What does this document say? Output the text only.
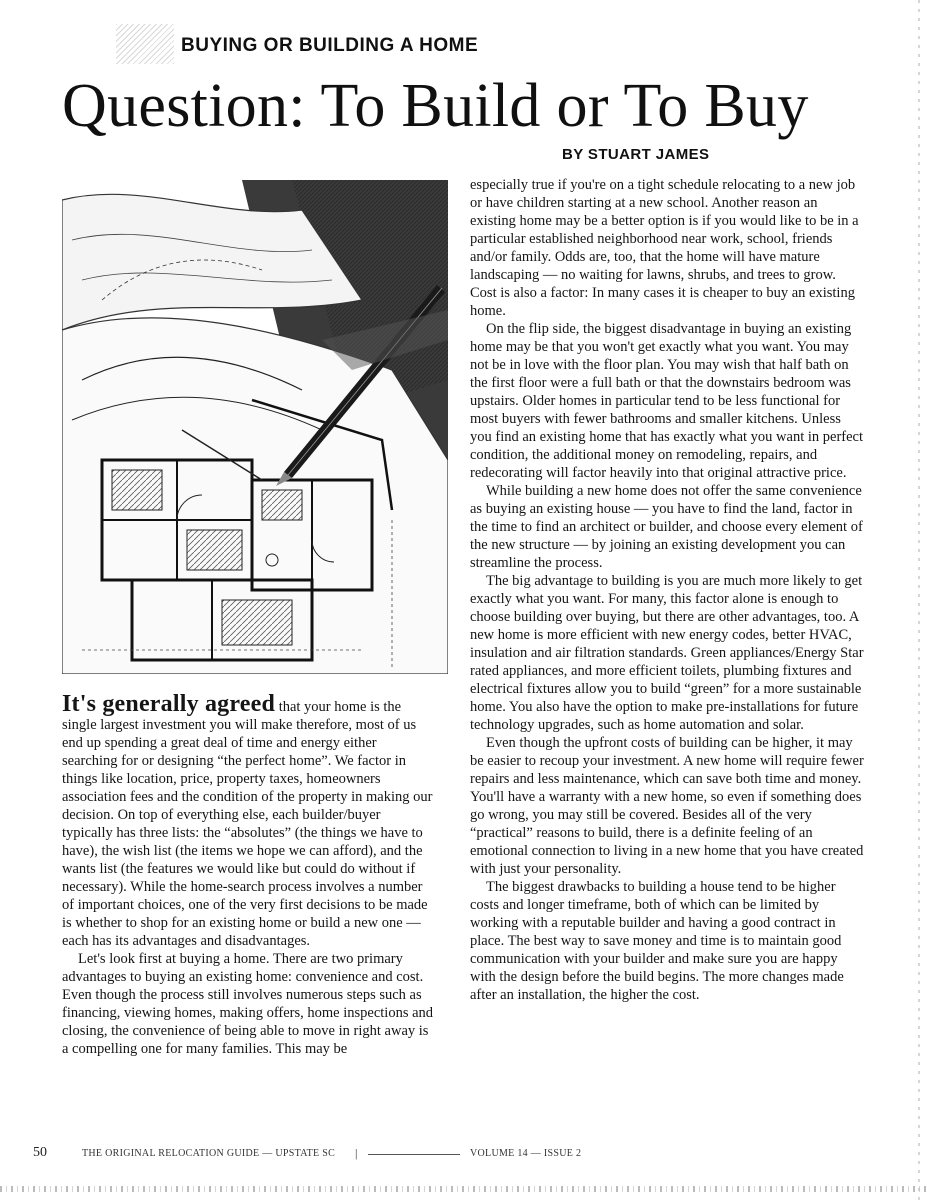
BUYING OR BUILDING A HOME
Question: To Build or To Buy
BY STUART JAMES

It's generally agreed that your home is the single largest investment you will make therefore, most of us end up spending a great deal of time and energy either searching for or designing “the perfect home”. We factor in things like location, price, property taxes, homeowners association fees and the condition of the property in making our decision. On top of everything else, each builder/buyer typically has three lists: the “absolutes” (the things we have to have), the wish list (the items we hope we can afford), and the wants list (the features we would like but could do without if necessary). While the home-search process involves a number of important choices, one of the very first decisions to be made is whether to shop for an existing home or build a new one — each has its advantages and disadvantages.

Let's look first at buying a home. There are two primary advantages to buying an existing home: convenience and cost. Even though the process still involves numerous steps such as financing, viewing homes, making offers, home inspections and closing, the convenience of being able to move in right away is a compelling one for many families. This may be

especially true if you're on a tight schedule relocating to a new job or have children starting at a new school. Another reason an existing home may be a better option is if you would like to be in a particular established neighborhood near work, school, friends and/or family. Odds are, too, that the home will have mature landscaping — no waiting for lawns, shrubs, and trees to grow. Cost is also a factor: In many cases it is cheaper to buy an existing home.

On the flip side, the biggest disadvantage in buying an existing home may be that you won't get exactly what you want. You may not be in love with the floor plan. You may wish that half bath on the first floor were a full bath or that the downstairs bedroom was upstairs. Older homes in particular tend to be less functional for most buyers with fewer bathrooms and smaller kitchens. Unless you find an existing home that has exactly what you want in perfect condition, the additional money on remodeling, repairs, and redecorating will factor heavily into that original attractive price.

While building a new home does not offer the same convenience as buying an existing house — you have to find the land, factor in the time to find an architect or builder, and choose every element of the new structure — by joining an existing development you can streamline the process.

The big advantage to building is you are much more likely to get exactly what you want. For many, this factor alone is enough to choose building over buying, but there are other advantages, too. A new home is more efficient with new energy codes, better HVAC, insulation and air filtration standards. Green appliances/Energy Star rated appliances, and more efficient toilets, plumbing fixtures and electrical fixtures allow you to build “green” for a more sustainable home. You also have the option to make pre-installations for future technology upgrades, such as home automation and solar.

Even though the upfront costs of building can be higher, it may be easier to recoup your investment. A new home will require fewer repairs and less maintenance, which can save both time and money. You'll have a warranty with a new home, so even if something does go wrong, you may still be covered. Besides all of the very “practical” reasons to build, there is a definite feeling of an emotional connection to living in a new home that you have created with just your personality.

The biggest drawbacks to building a house tend to be higher costs and longer timeframe, both of which can be limited by working with a reputable builder and having a good contract in place. The best way to save money and time is to maintain good communication with your builder and make sure you are happy with the design before the build begins. The more changes made after an installation, the higher the cost.

50	THE ORIGINAL RELOCATION GUIDE — UPSTATE SC |	VOLUME 14 — ISSUE 2
